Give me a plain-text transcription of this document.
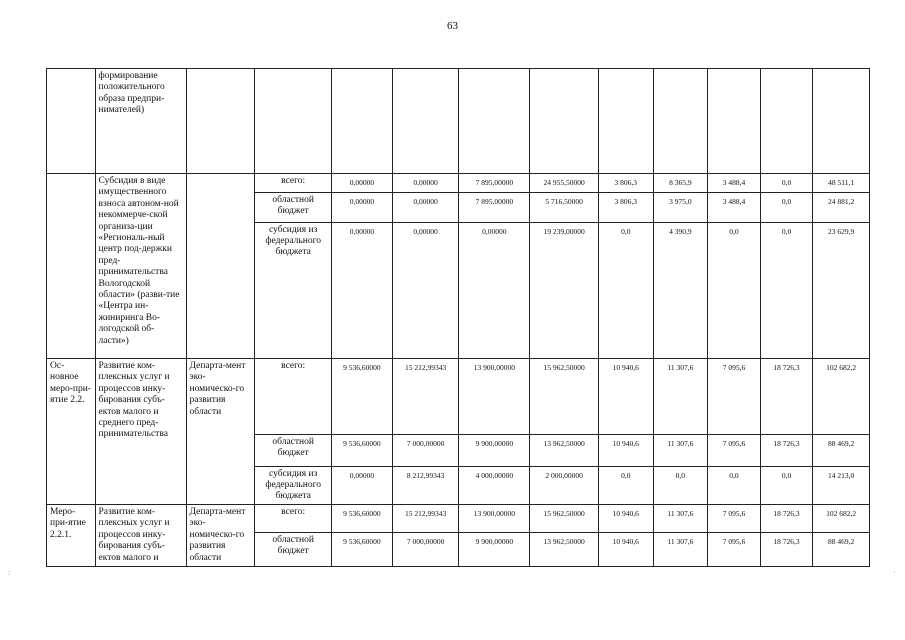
63
:	·
	формирование положительного образа предпри-нимателей)											
	Субсидия в виде имущественного взноса автоном-ной некоммерче-ской организа-ции «Региональ-ный центр под-держки пред-принимательства Вологодской области» (разви-тие «Центра ин-жиниринга Во-логодской об-ласти»)		всего:	0,00000	0,00000	7 895,00000	24 955,50000	3 806,3	8 365,9	3 488,4	0,0	48 511,1
			областной бюджет	0,00000	0,00000	7 895,00000	5 716,50000	3 806,3	3 975,0	3 488,4	0,0	24 881,2
			субсидия из федерального бюджета	0,00000	0,00000	0,00000	19 239,00000	0,0	4 390,9	0,0	0,0	23 629,9
Ос-новное меро-при-ятие 2.2.	Развитие ком-плексных услуг и процессов инку-бирования субъ-ектов малого и среднего пред-принимательства	Департа-мент эко-номическо-го развития области	всего:	9 536,60000	15 212,99343	13 900,00000	15 962,50000	10 940,6	11 307,6	7 095,6	18 726,3	102 682,2
			областной бюджет	9 536,60000	7 000,00000	9 900,00000	13 962,50000	10 940,6	11 307,6	7 095,6	18 726,3	88 469,2
			субсидия из федерального бюджета	0,00000	8 212,99343	4 000,00000	2 000,00000	0,0	0,0	0,0	0,0	14 213,0
Меро-при-ятие 2.2.1.	Развитие ком-плексных услуг и процессов инку-бирования субъ-ектов малого и	Департа-мент эко-номическо-го развития области	всего:	9 536,60000	15 212,99343	13 900,00000	15 962,50000	10 940,6	11 307,6	7 095,6	18 726,3	102 682,2
			областной бюджет	9 536,60000	7 000,00000	9 900,00000	13 962,50000	10 940,6	11 307,6	7 095,6	18 726,3	88 469,2
